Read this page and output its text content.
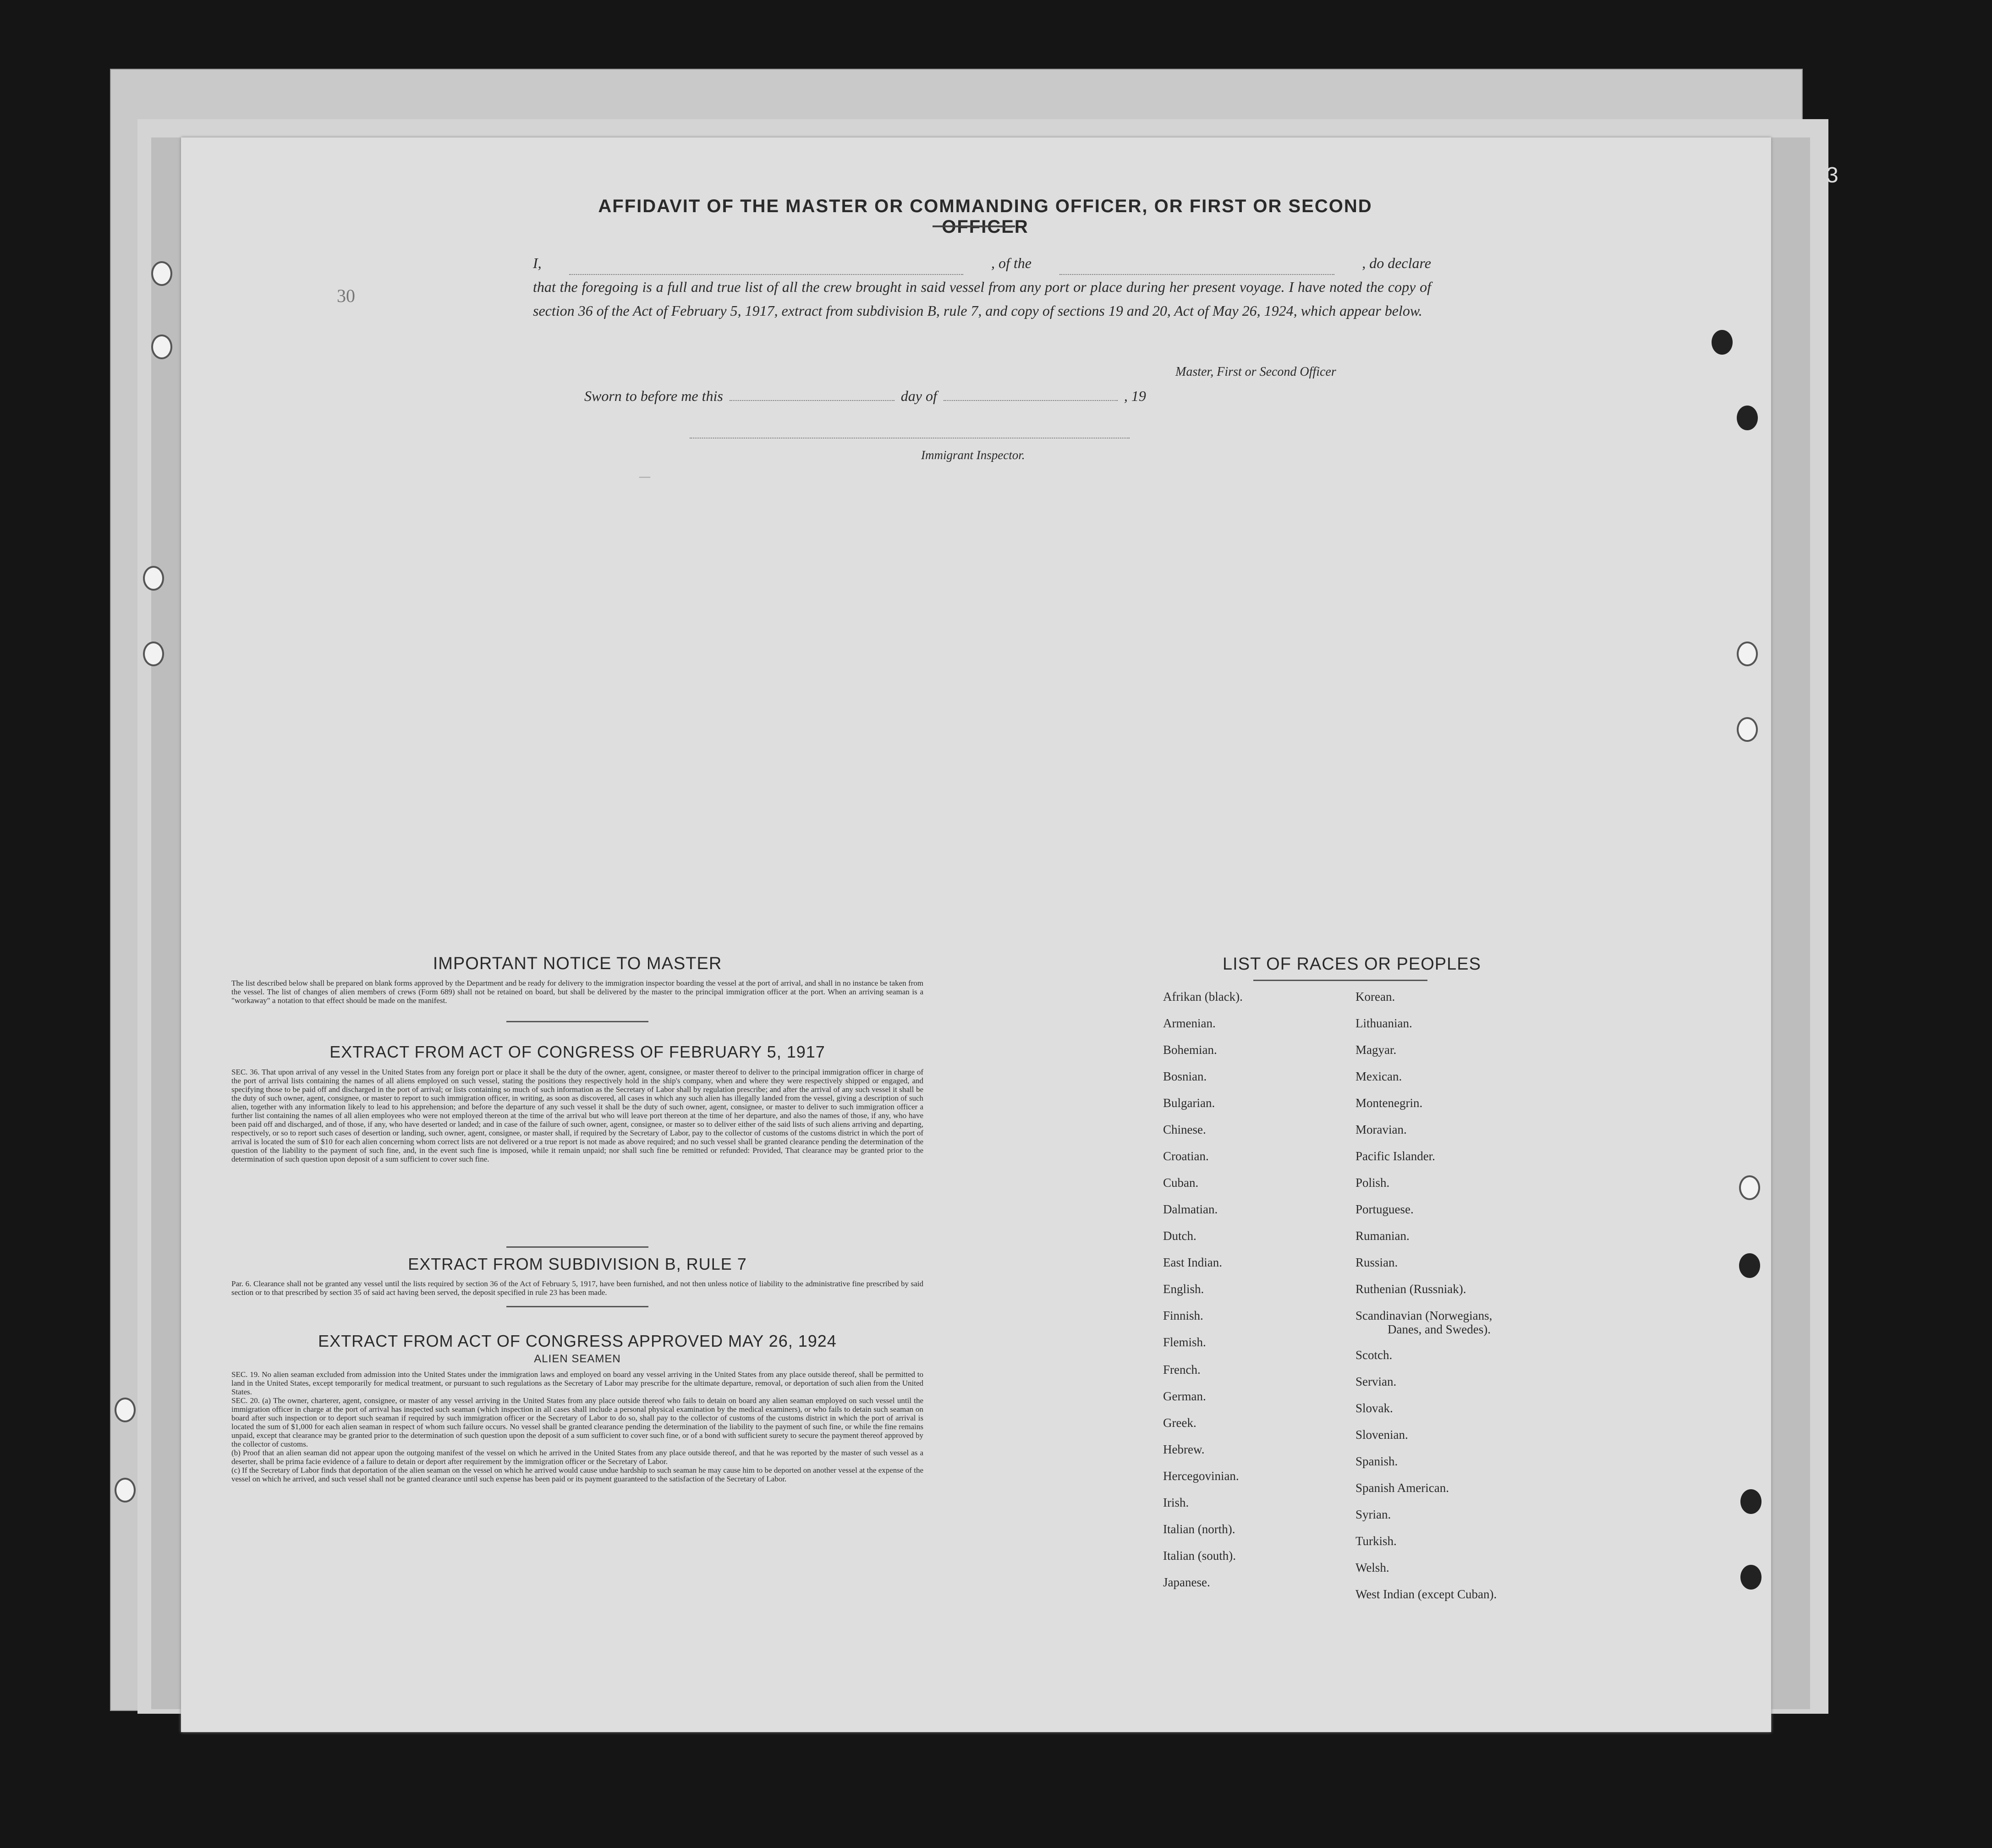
3
—
30
AFFIDAVIT OF THE MASTER OR COMMANDING OFFICER, OR FIRST OR SECOND OFFICER
I,	, of the	, do declare
that the foregoing is a full and true list of all the crew brought in said vessel from any port or place during her present voyage. I have noted the copy of section 36 of the Act of February 5, 1917, extract from subdivision B, rule 7, and copy of sections 19 and 20, Act of May 26, 1924, which appear below.
Master, First or Second Officer
Sworn to before me this	day of	, 19
Immigrant Inspector.
IMPORTANT NOTICE TO MASTER
The list described below shall be prepared on blank forms approved by the Department and be ready for delivery to the immigration inspector boarding the vessel at the port of arrival, and shall in no instance be taken from the vessel. The list of changes of alien members of crews (Form 689) shall not be retained on board, but shall be delivered by the master to the principal immigration officer at the port. When an arriving seaman is a "workaway" a notation to that effect should be made on the manifest.
EXTRACT FROM ACT OF CONGRESS OF FEBRUARY 5, 1917
SEC. 36. That upon arrival of any vessel in the United States from any foreign port or place it shall be the duty of the owner, agent, consignee, or master thereof to deliver to the principal immigration officer in charge of the port of arrival lists containing the names of all aliens employed on such vessel, stating the positions they respectively hold in the ship's company, when and where they were respectively shipped or engaged, and specifying those to be paid off and discharged in the port of arrival; or lists containing so much of such information as the Secretary of Labor shall by regulation prescribe; and after the arrival of any such vessel it shall be the duty of such owner, agent, consignee, or master to report to such immigration officer, in writing, as soon as discovered, all cases in which any such alien has illegally landed from the vessel, giving a description of such alien, together with any information likely to lead to his apprehension; and before the departure of any such vessel it shall be the duty of such owner, agent, consignee, or master to deliver to such immigration officer a further list containing the names of all alien employees who were not employed thereon at the time of the arrival but who will leave port thereon at the time of her departure, and also the names of those, if any, who have been paid off and discharged, and of those, if any, who have deserted or landed; and in case of the failure of such owner, agent, consignee, or master so to deliver either of the said lists of such aliens arriving and departing, respectively, or so to report such cases of desertion or landing, such owner, agent, consignee, or master shall, if required by the Secretary of Labor, pay to the collector of customs of the customs district in which the port of arrival is located the sum of $10 for each alien concerning whom correct lists are not delivered or a true report is not made as above required; and no such vessel shall be granted clearance pending the determination of the question of the liability to the payment of such fine, and, in the event such fine is imposed, while it remain unpaid; nor shall such fine be remitted or refunded: Provided, That clearance may be granted prior to the determination of such question upon deposit of a sum sufficient to cover such fine.
EXTRACT FROM SUBDIVISION B, RULE 7
Par. 6. Clearance shall not be granted any vessel until the lists required by section 36 of the Act of February 5, 1917, have been furnished, and not then unless notice of liability to the administrative fine prescribed by said section or to that prescribed by section 35 of said act having been served, the deposit specified in rule 23 has been made.
EXTRACT FROM ACT OF CONGRESS APPROVED MAY 26, 1924
ALIEN SEAMEN
SEC. 19. No alien seaman excluded from admission into the United States under the immigration laws and employed on board any vessel arriving in the United States from any place outside thereof, shall be permitted to land in the United States, except temporarily for medical treatment, or pursuant to such regulations as the Secretary of Labor may prescribe for the ultimate departure, removal, or deportation of such alien from the United States.
SEC. 20. (a) The owner, charterer, agent, consignee, or master of any vessel arriving in the United States from any place outside thereof who fails to detain on board any alien seaman employed on such vessel until the immigration officer in charge at the port of arrival has inspected such seaman (which inspection in all cases shall include a personal physical examination by the medical examiners), or who fails to detain such seaman on board after such inspection or to deport such seaman if required by such immigration officer or the Secretary of Labor to do so, shall pay to the collector of customs of the customs district in which the port of arrival is located the sum of $1,000 for each alien seaman in respect of whom such failure occurs. No vessel shall be granted clearance pending the determination of the liability to the payment of such fine, or while the fine remains unpaid, except that clearance may be granted prior to the determination of such question upon the deposit of a sum sufficient to cover such fine, or of a bond with sufficient surety to secure the payment thereof approved by the collector of customs.
(b) Proof that an alien seaman did not appear upon the outgoing manifest of the vessel on which he arrived in the United States from any place outside thereof, and that he was reported by the master of such vessel as a deserter, shall be prima facie evidence of a failure to detain or deport after requirement by the immigration officer or the Secretary of Labor.
(c) If the Secretary of Labor finds that deportation of the alien seaman on the vessel on which he arrived would cause undue hardship to such seaman he may cause him to be deported on another vessel at the expense of the vessel on which he arrived, and such vessel shall not be granted clearance until such expense has been paid or its payment guaranteed to the satisfaction of the Secretary of Labor.
LIST OF RACES OR PEOPLES
Afrikan (black).
Armenian.
Bohemian.
Bosnian.
Bulgarian.
Chinese.
Croatian.
Cuban.
Dalmatian.
Dutch.
East Indian.
English.
Finnish.
Flemish.
French.
German.
Greek.
Hebrew.
Hercegovinian.
Irish.
Italian (north).
Italian (south).
Japanese.
Korean.
Lithuanian.
Magyar.
Mexican.
Montenegrin.
Moravian.
Pacific Islander.
Polish.
Portuguese.
Rumanian.
Russian.
Ruthenian (Russniak).
Scandinavian (Norwegians,
Danes, and Swedes).
Scotch.
Servian.
Slovak.
Slovenian.
Spanish.
Spanish American.
Syrian.
Turkish.
Welsh.
West Indian (except Cuban).
